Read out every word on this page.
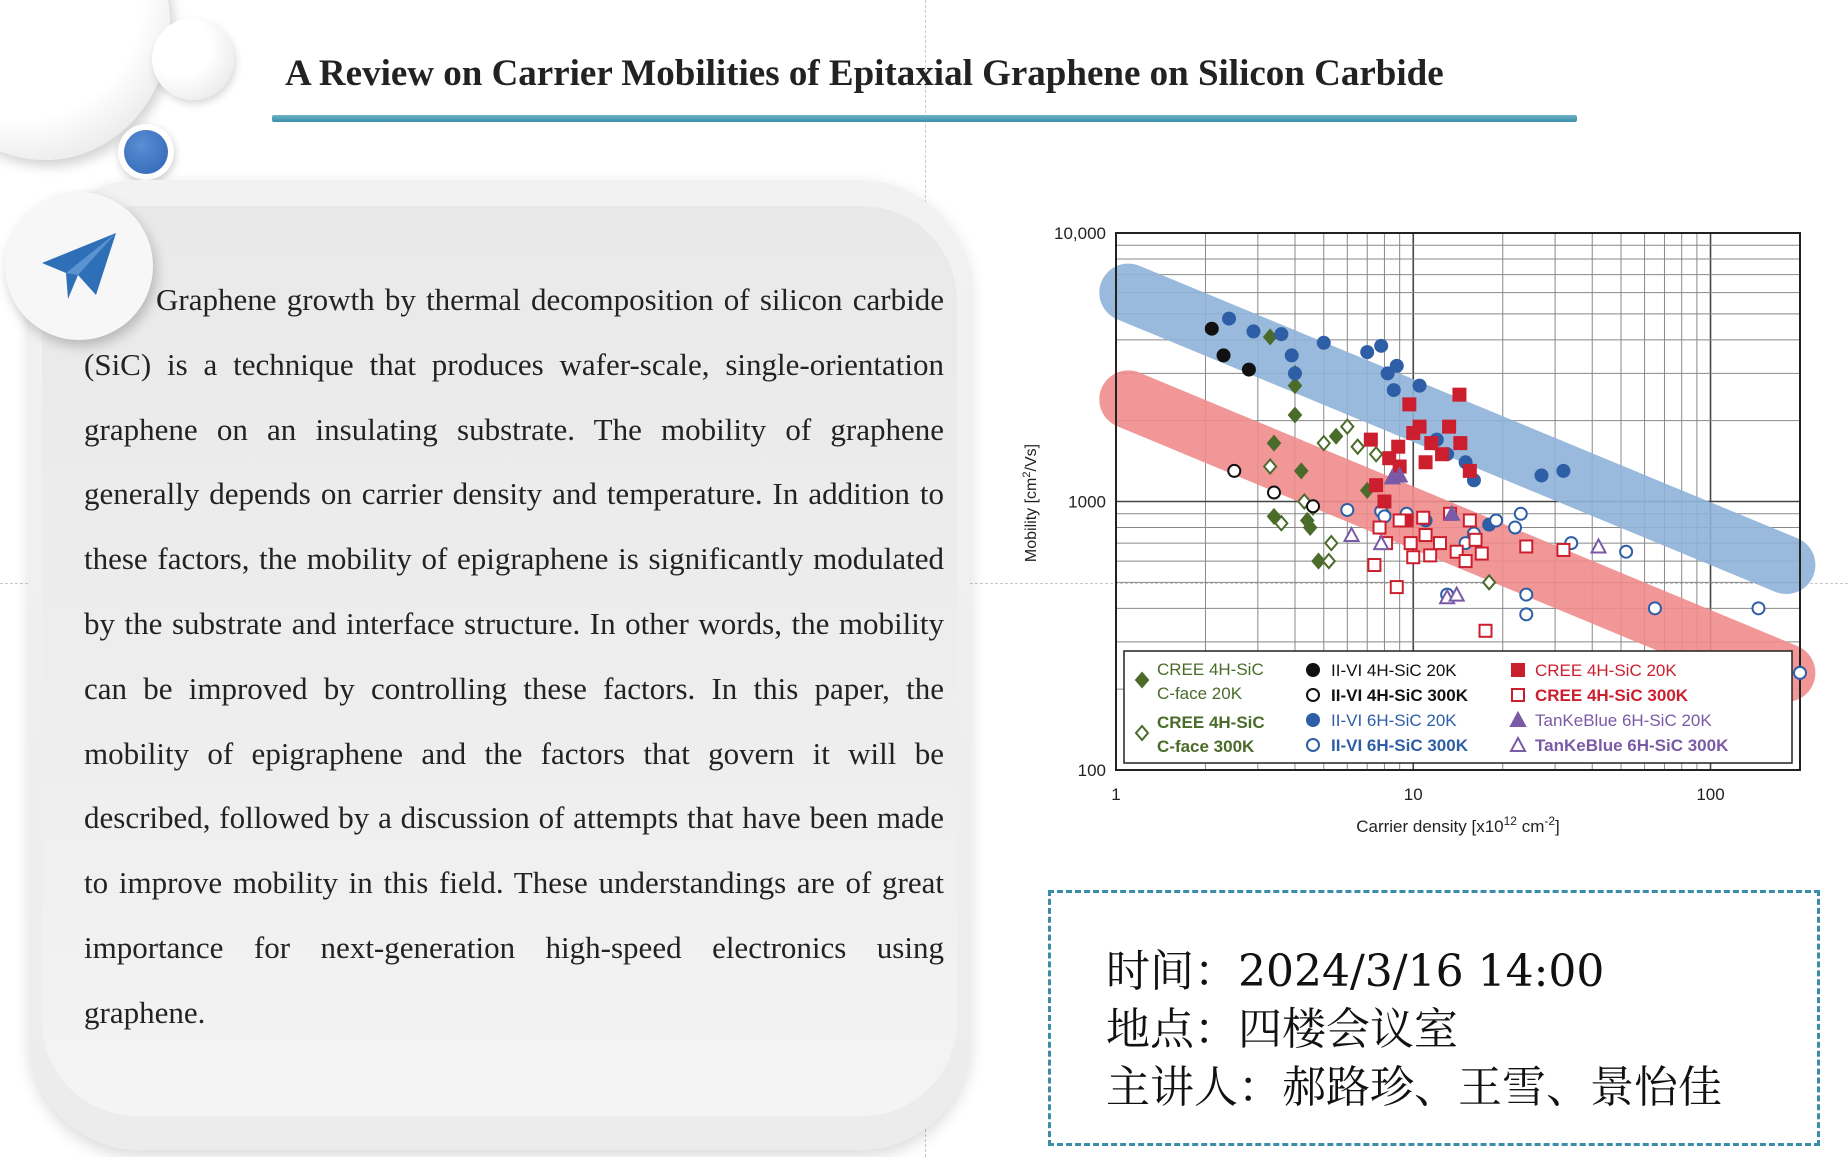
A Review on Carrier Mobilities of Epitaxial Graphene on Silicon Carbide
Graphene growth by thermal decomposition of silicon carbide (SiC) is a technique that produces wafer-scale, single-orientation graphene on an insulating substrate. The mobility of graphene generally depends on carrier density and temperature. In addition to these factors, the mobility of epigraphene is significantly modulated by the substrate and interface structure. In other words, the mobility can be improved by controlling these factors. In this paper, the mobility of epigraphene and the factors that govern it will be described, followed by a discussion of attempts that have been made to improve mobility in this field. These understandings are of great importance for next-generation high-speed electronics using graphene.
1	10	100
100
1000
10,000
Carrier density [$x10^{12}$ $cm^{-2}$]
Mobility $[cm^2/Vs]$
CREE 4H-SiC
C-face 20K
CREE 4H-SiC
C-face 300K
II-VI 4H-SiC 20K
II-VI 4H-SiC 300K
II-VI 6H-SiC 20K
II-VI 6H-SiC 300K
CREE 4H-SiC 20K
CREE 4H-SiC 300K
TanKeBlue 6H-SiC 20K
TanKeBlue 6H-SiC 300K
时间：2024/3/16 14:00
地点：四楼会议室
主讲人：郝路珍、王雪、景怡佳
